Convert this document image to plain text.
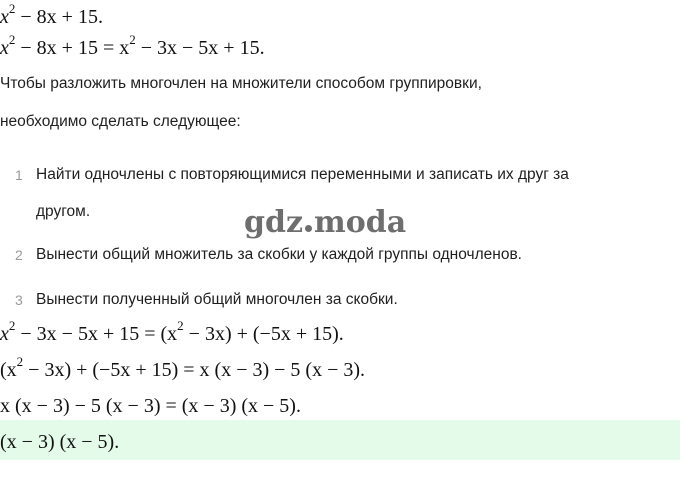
$x^2 - 8x + 15$.
$x^2 - 8x + 15 = x^2 - 3x - 5x + 15$.
Чтобы разложить многочлен на множители способом группировки,
необходимо сделать следующее:
1 Найти одночлены с повторяющимися переменными и записать их друг за
другом.
2 Вынести общий множитель за скобки у каждой группы одночленов.
3 Вынести полученный общий многочлен за скобки.
$x^2 - 3x - 5x + 15 = (x^2 - 3x) + (-5x + 15)$.
$(x^2 - 3x) + (-5x + 15) = x$ (x − 3) − 5 (x − 3).
x (x − 3) − 5 (x − 3) = (x − 3) (x − 5).
(x − 3) (x − 5).
gdz moda
